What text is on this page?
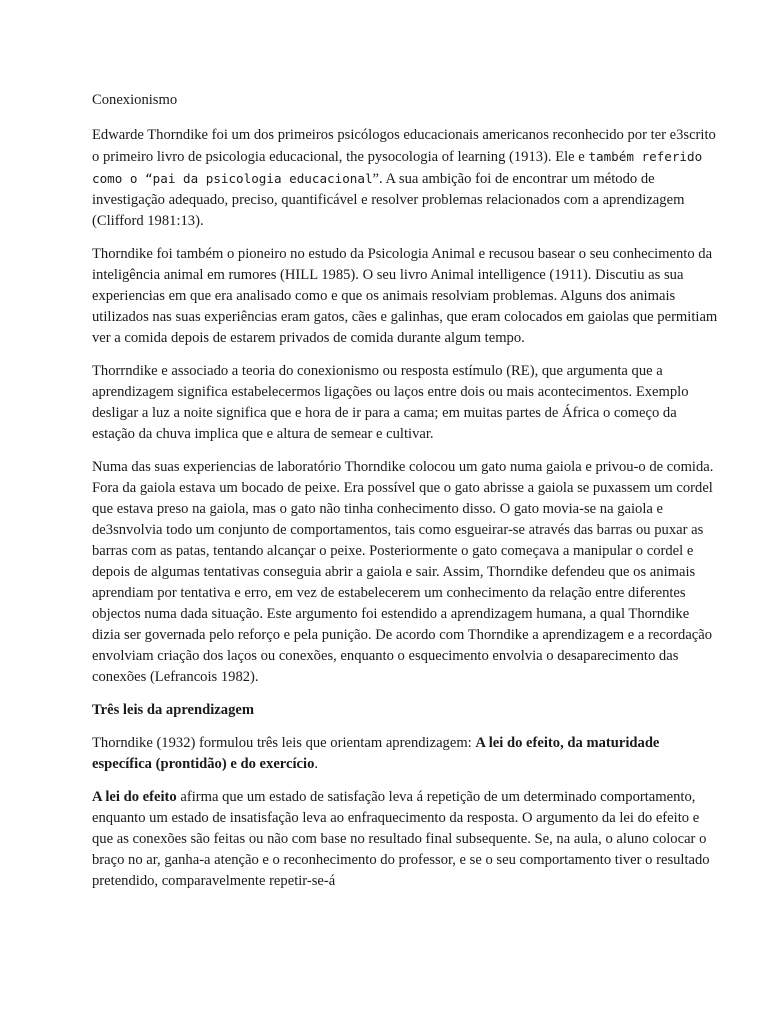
Conexionismo

Edwarde Thorndike foi um dos primeiros psicólogos educacionais americanos reconhecido por ter e3scrito o primeiro livro de psicologia educacional, the pysocologia of learning (1913). Ele e também referido como o “pai da psicologia educacional”. A sua ambição foi de encontrar um método de investigação adequado, preciso, quantificável e resolver problemas relacionados com a aprendizagem (Clifford 1981:13).

Thorndike foi também o pioneiro no estudo da Psicologia Animal e recusou basear o seu conhecimento da inteligência animal em rumores (HILL 1985). O seu livro Animal intelligence (1911). Discutiu as sua experiencias em que era analisado como e que os animais resolviam problemas. Alguns dos animais utilizados nas suas experiências eram gatos, cães e galinhas, que eram colocados em gaiolas que permitiam ver a comida depois de estarem privados de comida durante algum tempo.

Thorrndike e associado a teoria do conexionismo ou resposta estímulo (RE), que argumenta que a aprendizagem significa estabelecermos ligações ou laços entre dois ou mais acontecimentos. Exemplo desligar a luz a noite significa que e hora de ir para a cama; em muitas partes de África o começo da estação da chuva implica que e altura de semear e cultivar.

Numa das suas experiencias de laboratório Thorndike colocou um gato numa gaiola e privou-o de comida. Fora da gaiola estava um bocado de peixe. Era possível que o gato abrisse a gaiola se puxassem um cordel que estava preso na gaiola, mas o gato não tinha conhecimento disso. O gato movia-se na gaiola e de3snvolvia todo um conjunto de comportamentos, tais como esgueirar-se através das barras ou puxar as barras com as patas, tentando alcançar o peixe. Posteriormente o gato começava a manipular o cordel e depois de algumas tentativas conseguia abrir a gaiola e sair. Assim, Thorndike defendeu que os animais aprendiam por tentativa e erro, em vez de estabelecerem um conhecimento da relação entre diferentes objectos numa dada situação. Este argumento foi estendido a aprendizagem humana, a qual Thorndike dizia ser governada pelo reforço e pela punição. De acordo com Thorndike a aprendizagem e a recordação envolviam criação dos laços ou conexões, enquanto o esquecimento envolvia o desaparecimento das conexões (Lefrancois 1982).

Três leis da aprendizagem

Thorndike (1932) formulou três leis que orientam aprendizagem: A lei do efeito, da maturidade específica (prontidão) e do exercício.

A lei do efeito afirma que um estado de satisfação leva á repetição de um determinado comportamento, enquanto um estado de insatisfação leva ao enfraquecimento da resposta. O argumento da lei do efeito e que as conexões são feitas ou não com base no resultado final subsequente. Se, na aula, o aluno colocar o braço no ar, ganha-a atenção e o reconhecimento do professor, e se o seu comportamento tiver o resultado pretendido, comparavelmente repetir-se-á
